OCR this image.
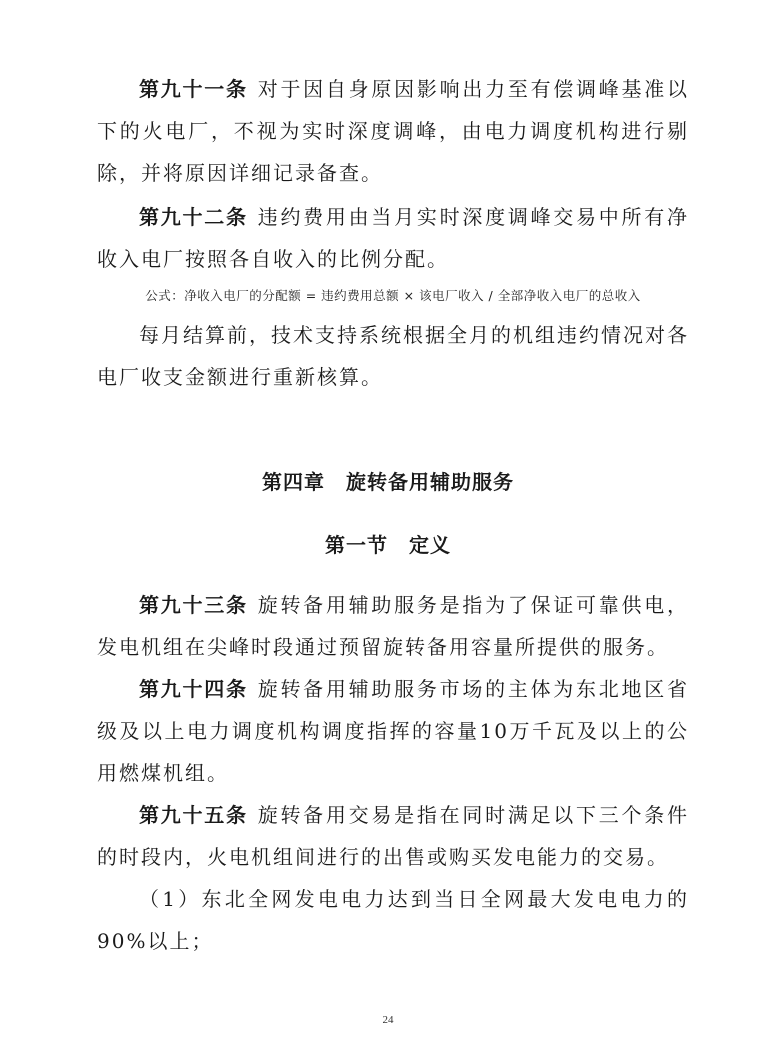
第九十一条 对于因自身原因影响出力至有偿调峰基准以下的火电厂，不视为实时深度调峰，由电力调度机构进行剔除，并将原因详细记录备查。

第九十二条 违约费用由当月实时深度调峰交易中所有净收入电厂按照各自收入的比例分配。

公式：净收入电厂的分配额 = 违约费用总额 × 该电厂收入 / 全部净收入电厂的总收入

每月结算前，技术支持系统根据全月的机组违约情况对各电厂收支金额进行重新核算。

第四章　旋转备用辅助服务

第一节　定义

第九十三条 旋转备用辅助服务是指为了保证可靠供电，发电机组在尖峰时段通过预留旋转备用容量所提供的服务。

第九十四条 旋转备用辅助服务市场的主体为东北地区省级及以上电力调度机构调度指挥的容量10万千瓦及以上的公用燃煤机组。

第九十五条 旋转备用交易是指在同时满足以下三个条件的时段内，火电机组间进行的出售或购买发电能力的交易。

（1）东北全网发电电力达到当日全网最大发电电力的 90%以上；

24
